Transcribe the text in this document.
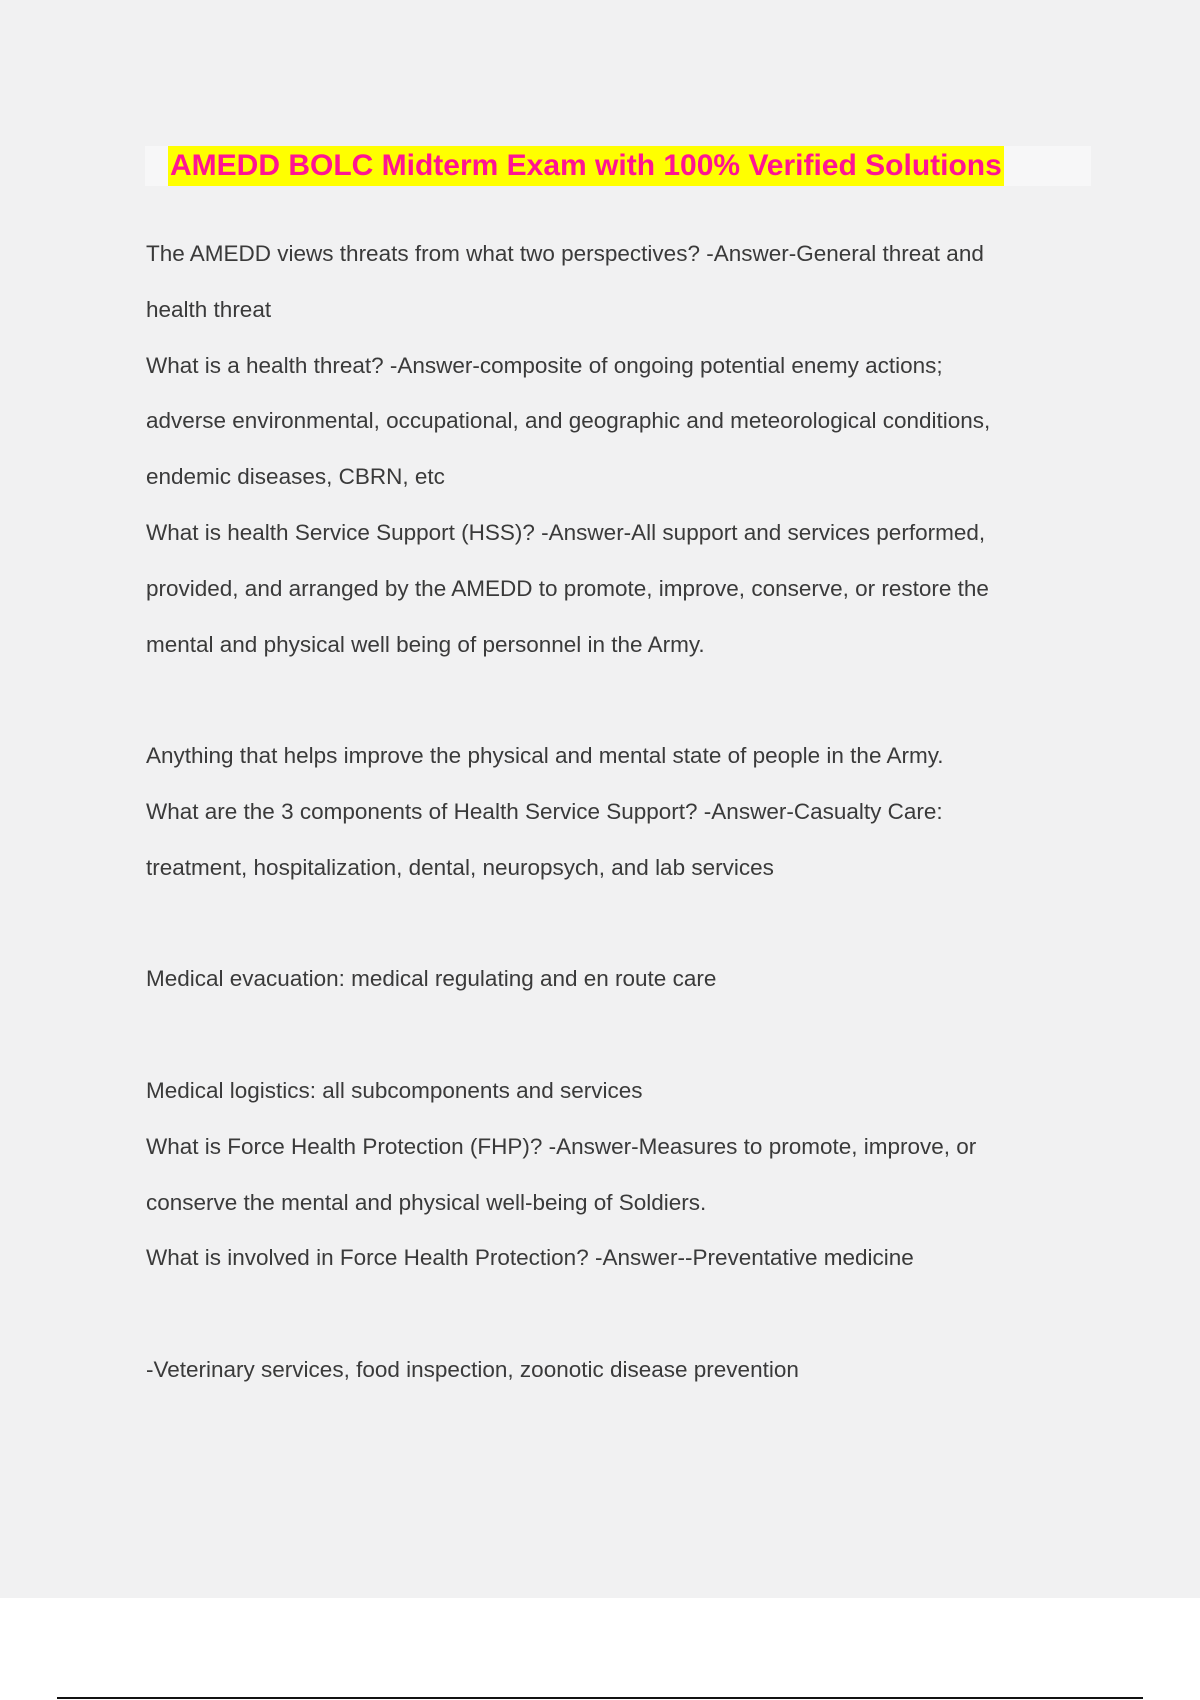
AMEDD BOLC Midterm Exam with 100% Verified Solutions
The AMEDD views threats from what two perspectives? -Answer-General threat and
health threat
What is a health threat? -Answer-composite of ongoing potential enemy actions;
adverse environmental, occupational, and geographic and meteorological conditions,
endemic diseases, CBRN, etc
What is health Service Support (HSS)? -Answer-All support and services performed,
provided, and arranged by the AMEDD to promote, improve, conserve, or restore the
mental and physical well being of personnel in the Army.
Anything that helps improve the physical and mental state of people in the Army.
What are the 3 components of Health Service Support? -Answer-Casualty Care:
treatment, hospitalization, dental, neuropsych, and lab services
Medical evacuation: medical regulating and en route care
Medical logistics: all subcomponents and services
What is Force Health Protection (FHP)? -Answer-Measures to promote, improve, or
conserve the mental and physical well-being of Soldiers.
What is involved in Force Health Protection? -Answer--Preventative medicine
-Veterinary services, food inspection, zoonotic disease prevention
